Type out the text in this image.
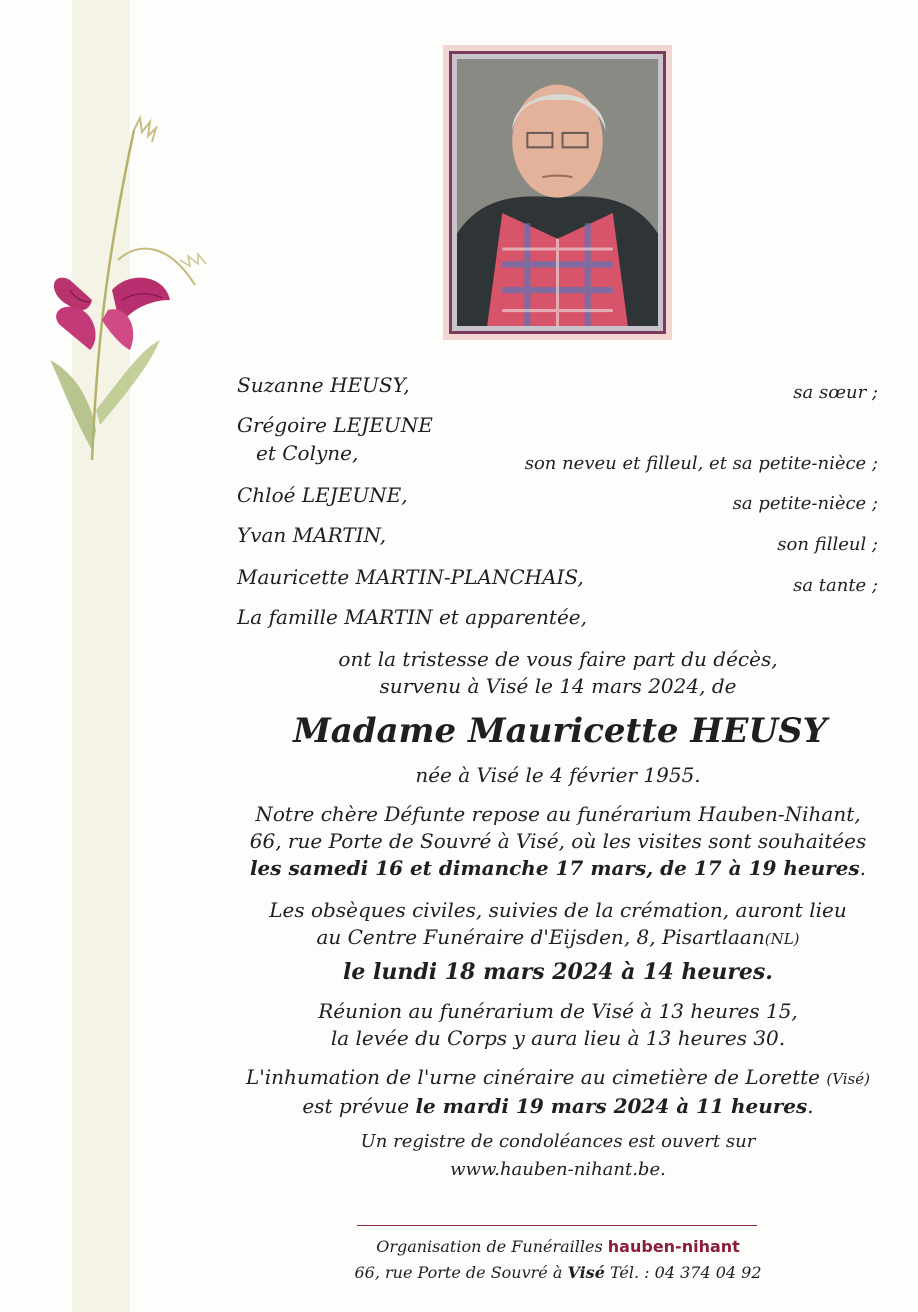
Suzanne HEUSY,	sa sœur ;
Grégoire LEJEUNE
et Colyne,	son neveu et filleul, et sa petite-nièce ;
Chloé LEJEUNE,	sa petite-nièce ;
Yvan MARTIN,	son filleul ;
Mauricette MARTIN-PLANCHAIS,	sa tante ;
La famille MARTIN et apparentée,
ont la tristesse de vous faire part du décès,
survenu à Visé le 14 mars 2024, de
Madame Mauricette HEUSY
née à Visé le 4 février 1955.
Notre chère Défunte repose au funérarium Hauben-Nihant,
66, rue Porte de Souvré à Visé, où les visites sont souhaitées
les samedi 16 et dimanche 17 mars, de 17 à 19 heures.
Les obsèques civiles, suivies de la crémation, auront lieu
au Centre Funéraire d'Eijsden, 8, Pisartlaan(NL)
le lundi 18 mars 2024 à 14 heures.
Réunion au funérarium de Visé à 13 heures 15,
la levée du Corps y aura lieu à 13 heures 30.
L'inhumation de l'urne cinéraire au cimetière de Lorette (Visé)
est prévue le mardi 19 mars 2024 à 11 heures.
Un registre de condoléances est ouvert sur
www.hauben-nihant.be.
Organisation de Funérailles hauben-nihant
66, rue Porte de Souvré à Visé Tél. : 04 374 04 92
